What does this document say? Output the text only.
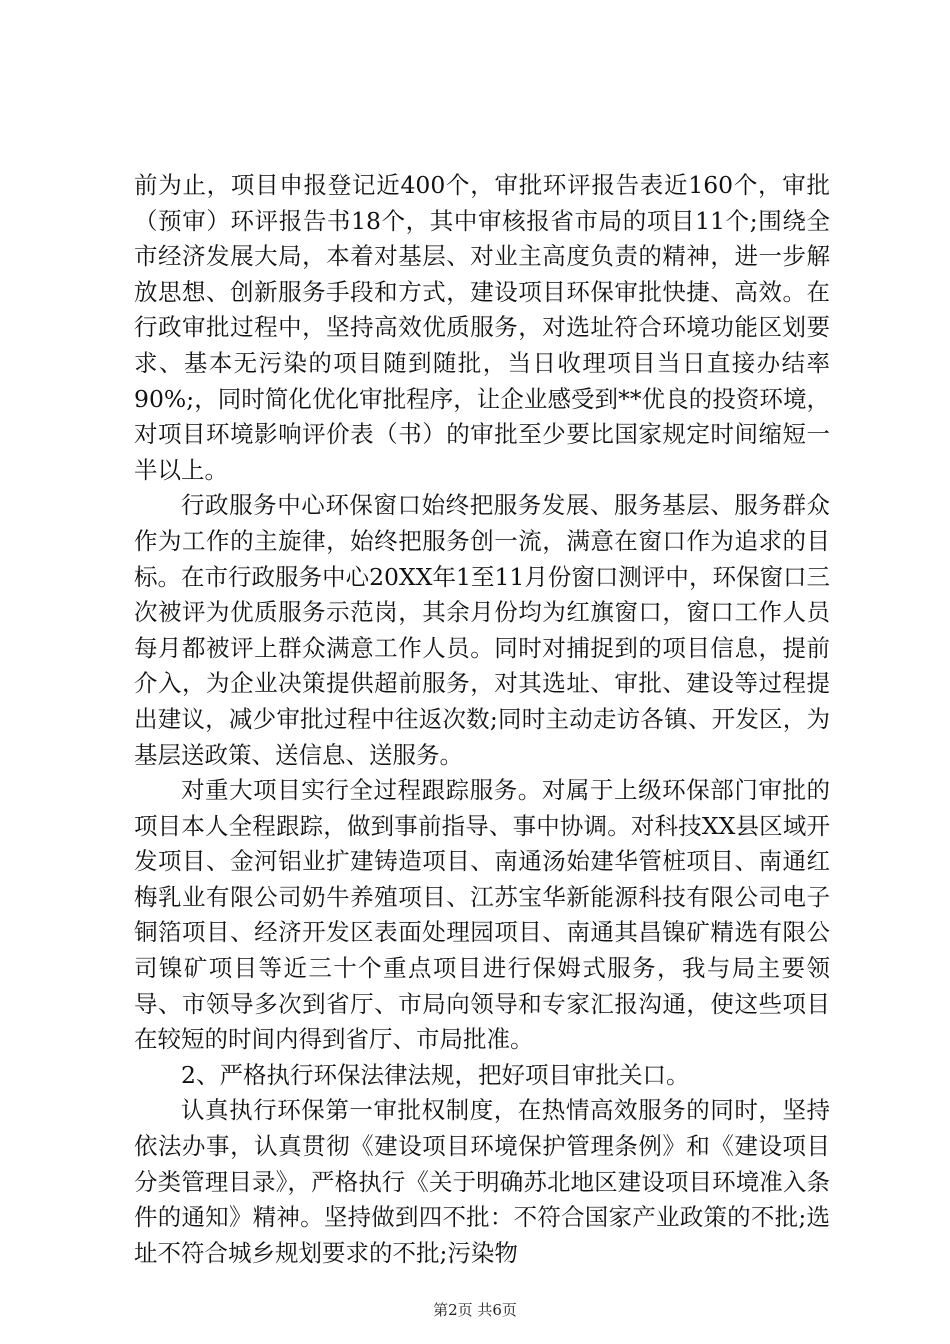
前为止，项目申报登记近400个，审批环评报告表近160个，审批（预审）环评报告书18个，其中审核报省市局的项目11个;围绕全市经济发展大局，本着对基层、对业主高度负责的精神，进一步解放思想、创新服务手段和方式，建设项目环保审批快捷、高效。在行政审批过程中，坚持高效优质服务，对选址符合环境功能区划要求、基本无污染的项目随到随批，当日收理项目当日直接办结率90%;，同时简化优化审批程序，让企业感受到**优良的投资环境，对项目环境影响评价表（书）的审批至少要比国家规定时间缩短一半以上。

行政服务中心环保窗口始终把服务发展、服务基层、服务群众作为工作的主旋律，始终把服务创一流，满意在窗口作为追求的目标。在市行政服务中心20XX年1至11月份窗口测评中，环保窗口三次被评为优质服务示范岗，其余月份均为红旗窗口，窗口工作人员每月都被评上群众满意工作人员。同时对捕捉到的项目信息，提前介入，为企业决策提供超前服务，对其选址、审批、建设等过程提出建议，减少审批过程中往返次数;同时主动走访各镇、开发区，为基层送政策、送信息、送服务。

对重大项目实行全过程跟踪服务。对属于上级环保部门审批的项目本人全程跟踪，做到事前指导、事中协调。对科技XX县区域开发项目、金河铝业扩建铸造项目、南通汤始建华管桩项目、南通红梅乳业有限公司奶牛养殖项目、江苏宝华新能源科技有限公司电子铜箔项目、经济开发区表面处理园项目、南通其昌镍矿精选有限公司镍矿项目等近三十个重点项目进行保姆式服务，我与局主要领导、市领导多次到省厅、市局向领导和专家汇报沟通，使这些项目在较短的时间内得到省厅、市局批准。

2、严格执行环保法律法规，把好项目审批关口。

认真执行环保第一审批权制度，在热情高效服务的同时，坚持依法办事，认真贯彻《建设项目环境保护管理条例》和《建设项目分类管理目录》，严格执行《关于明确苏北地区建设项目环境准入条件的通知》精神。坚持做到四不批：不符合国家产业政策的不批;选址不符合城乡规划要求的不批;污染物

第2页 共6页
